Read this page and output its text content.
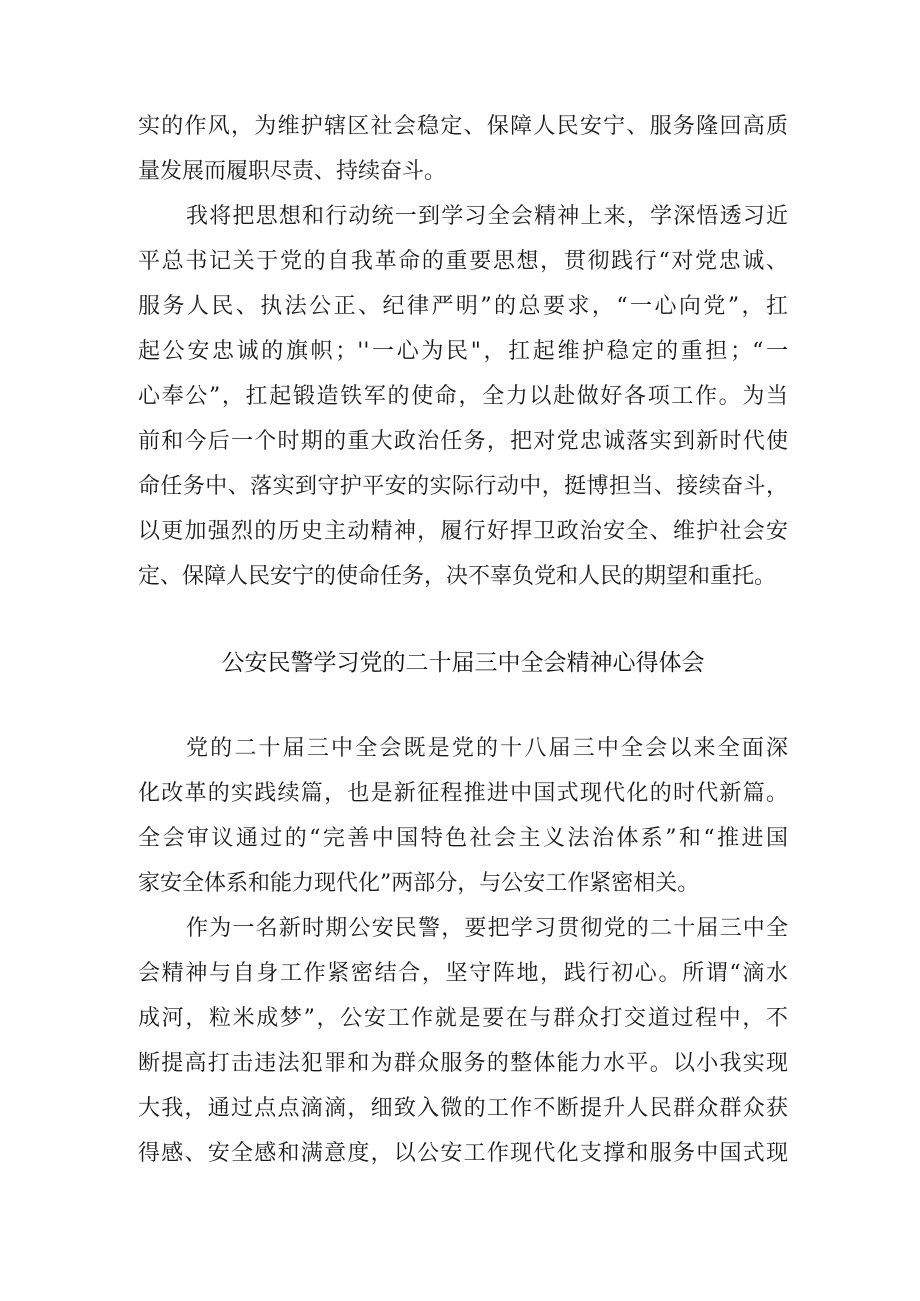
实的作风，为维护辖区社会稳定、保障人民安宁、服务隆回高质
量发展而履职尽责、持续奋斗。
我将把思想和行动统一到学习全会精神上来，学深悟透习近
平总书记关于党的自我革命的重要思想，贯彻践行“对党忠诚、
服务人民、执法公正、纪律严明”的总要求，“一心向党”，扛
起公安忠诚的旗帜；''一心为民"，扛起维护稳定的重担；“一
心奉公”，扛起锻造铁军的使命，全力以赴做好各项工作。为当
前和今后一个时期的重大政治任务，把对党忠诚落实到新时代使
命任务中、落实到守护平安的实际行动中，挺博担当、接续奋斗，
以更加强烈的历史主动精神，履行好捍卫政治安全、维护社会安
定、保障人民安宁的使命任务，决不辜负党和人民的期望和重托。
公安民警学习党的二十届三中全会精神心得体会
党的二十届三中全会既是党的十八届三中全会以来全面深
化改革的实践续篇，也是新征程推进中国式现代化的时代新篇。
全会审议通过的“完善中国特色社会主义法治体系”和“推进国
家安全体系和能力现代化”两部分，与公安工作紧密相关。
作为一名新时期公安民警，要把学习贯彻党的二十届三中全
会精神与自身工作紧密结合，坚守阵地，践行初心。所谓“滴水
成河，粒米成梦”，公安工作就是要在与群众打交道过程中，不
断提高打击违法犯罪和为群众服务的整体能力水平。以小我实现
大我，通过点点滴滴，细致入微的工作不断提升人民群众群众获
得感、安全感和满意度，以公安工作现代化支撑和服务中国式现
